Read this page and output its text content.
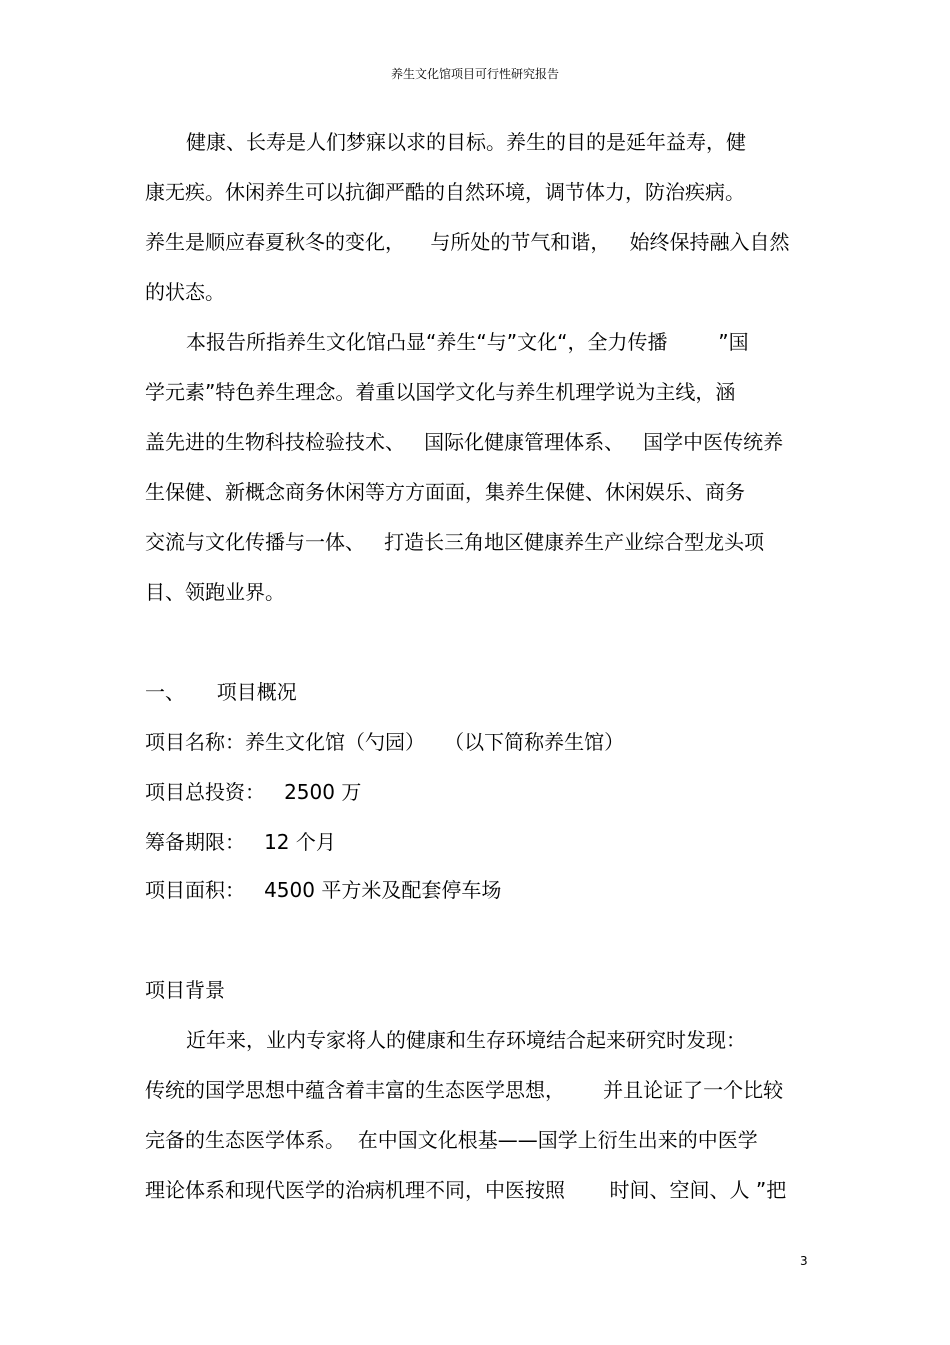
养生文化馆项目可行性研究报告
健康、长寿是人们梦寐以求的目标。养生的目的是延年益寿，健
康无疾。休闲养生可以抗御严酷的自然环境，调节体力，防治疾病。
养生是顺应春夏秋冬的变化，    与所处的节气和谐，   始终保持融入自然
的状态。
本报告所指养生文化馆凸显“养生“与”文化“，全力传播        ”国
学元素”特色养生理念。着重以国学文化与养生机理学说为主线，涵
盖先进的生物科技检验技术、   国际化健康管理体系、   国学中医传统养
生保健、新概念商务休闲等方方面面，集养生保健、休闲娱乐、商务
交流与文化传播与一体、   打造长三角地区健康养生产业综合型龙头项
目、领跑业界。
一、     项目概况
项目名称：养生文化馆（勺园）   （以下简称养生馆）
项目总投资：   2500 万
筹备期限：   12 个月
项目面积：   4500 平方米及配套停车场
项目背景
近年来，业内专家将人的健康和生存环境结合起来研究时发现：
传统的国学思想中蕴含着丰富的生态医学思想，      并且论证了一个比较
完备的生态医学体系。  在中国文化根基——国学上衍生出来的中医学
理论体系和现代医学的治病机理不同，中医按照       时间、空间、人 ”把
3
